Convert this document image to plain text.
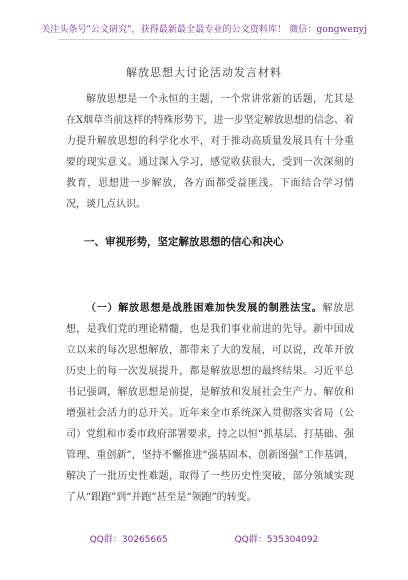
关注头条号"公文研究"，获得最新最全最专业的公文资料库！ 微信：gongwenyj
解放思想大讨论活动发言材料
解放思想是一个永恒的主题，一个常讲常新的话题，尤其是在X烟草当前这样的特殊形势下，进一步坚定解放思想的信念、着力提升解放思想的科学化水平，对于推动高质量发展具有十分重要的现实意义。通过深入学习，感觉收获很大，受到一次深刻的教育，思想进一步解放，各方面都受益匪浅。下面结合学习情况，谈几点认识。
一、审视形势，坚定解放思想的信心和决心
（一）解放思想是战胜困难加快发展的制胜法宝。解放思想，是我们党的理论精髓，也是我们事业前进的先导。新中国成立以来的每次思想解放，都带来了大的发展，可以说，改革开放历史上的每一次发展提升，都是解放思想的最终结果。习近平总书记强调，解放思想是前提，是解放和发展社会生产力、解放和增强社会活力的总开关。近年来全市系统深入贯彻落实省局（公司）党组和市委市政府部署要求，持之以恒“抓基层、打基础、强管理、重创新”，坚持不懈推进“强基固本、创新图强”工作基调，解决了一批历史性难题，取得了一些历史性突破，部分领域实现了从“跟跑”到“并跑”甚至是“领跑”的转变。
QQ群：30265665	QQ群：535304092
